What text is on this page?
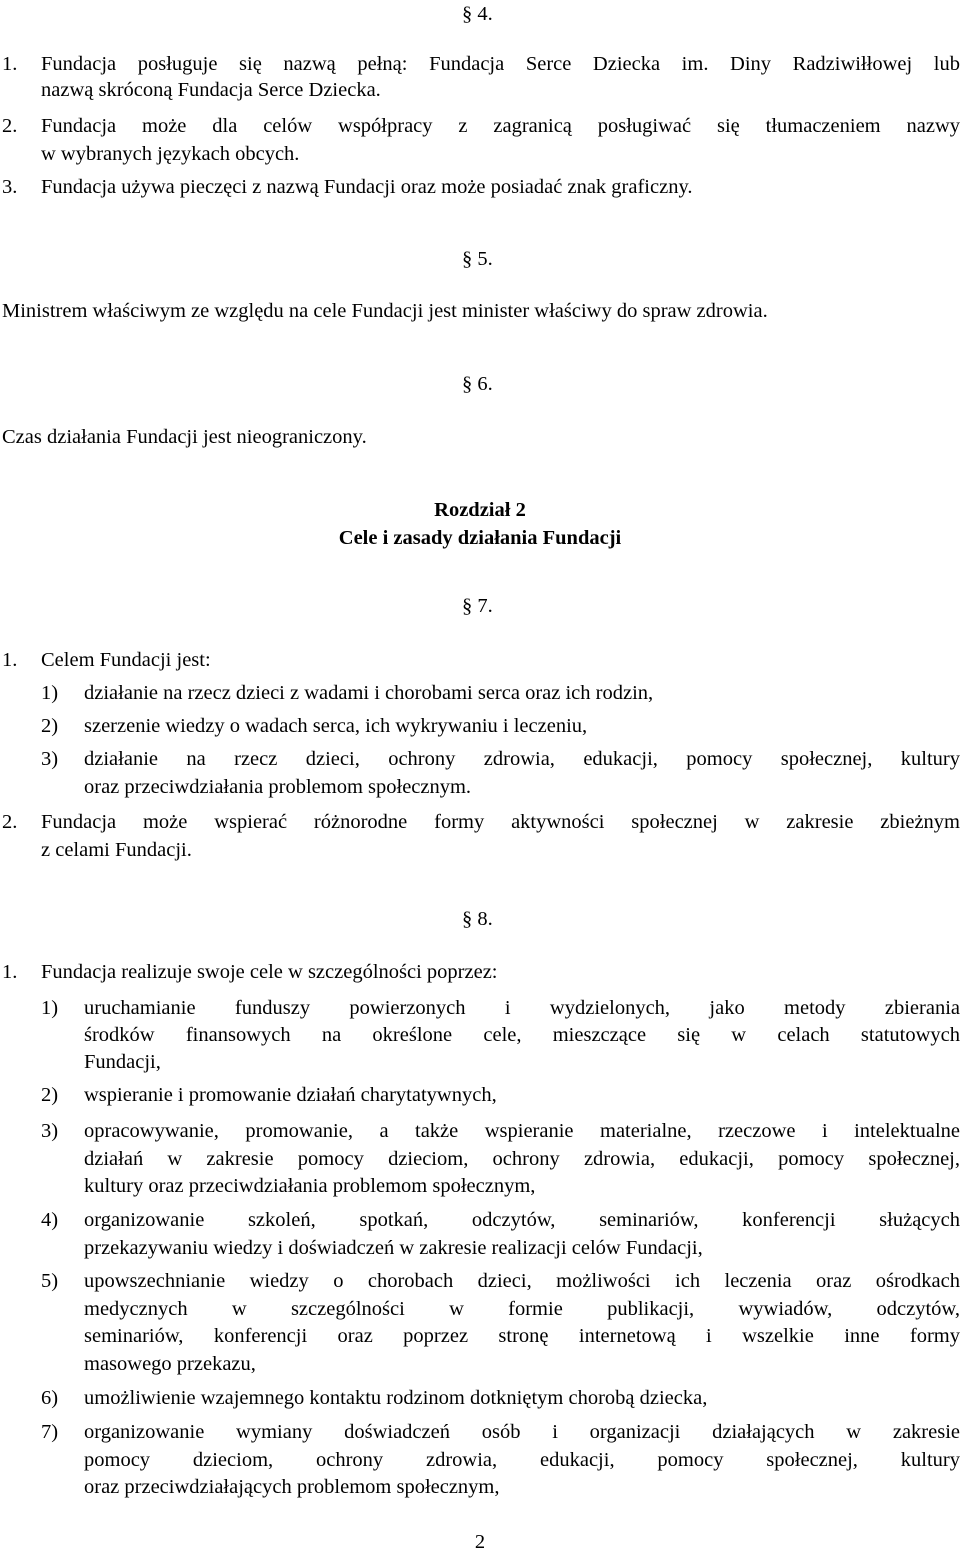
§ 4.
1. Fundacja posługuje się nazwą pełną: Fundacja Serce Dziecka im. Diny Radziwiłłowej lub
nazwą skróconą Fundacja Serce Dziecka.
2. Fundacja może dla celów współpracy z zagranicą posługiwać się tłumaczeniem nazwy
w wybranych językach obcych.
3. Fundacja używa pieczęci z nazwą Fundacji oraz może posiadać znak graficzny.
§ 5.
Ministrem właściwym ze względu na cele Fundacji jest minister właściwy do spraw zdrowia.
§ 6.
Czas działania Fundacji jest nieograniczony.
Rozdział 2
Cele i zasady działania Fundacji
§ 7.
1. Celem Fundacji jest:
1) działanie na rzecz dzieci z wadami i chorobami serca oraz ich rodzin,
2) szerzenie wiedzy o wadach serca, ich wykrywaniu i leczeniu,
3) działanie na rzecz dzieci, ochrony zdrowia, edukacji, pomocy społecznej, kultury
oraz przeciwdziałania problemom społecznym.
2. Fundacja może wspierać różnorodne formy aktywności społecznej w zakresie zbieżnym
z celami Fundacji.
§ 8.
1. Fundacja realizuje swoje cele w szczególności poprzez:
1) uruchamianie funduszy powierzonych i wydzielonych, jako metody zbierania
środków finansowych na określone cele, mieszczące się w celach statutowych
Fundacji,
2) wspieranie i promowanie działań charytatywnych,
3) opracowywanie, promowanie, a także wspieranie materialne, rzeczowe i intelektualne
działań w zakresie pomocy dzieciom, ochrony zdrowia, edukacji, pomocy społecznej,
kultury oraz przeciwdziałania problemom społecznym,
4) organizowanie szkoleń, spotkań, odczytów, seminariów, konferencji służących
przekazywaniu wiedzy i doświadczeń w zakresie realizacji celów Fundacji,
5) upowszechnianie wiedzy o chorobach dzieci, możliwości ich leczenia oraz ośrodkach
medycznych w szczególności w formie publikacji, wywiadów, odczytów,
seminariów, konferencji oraz poprzez stronę internetową i wszelkie inne formy
masowego przekazu,
6) umożliwienie wzajemnego kontaktu rodzinom dotkniętym chorobą dziecka,
7) organizowanie wymiany doświadczeń osób i organizacji działających w zakresie
pomocy dzieciom, ochrony zdrowia, edukacji, pomocy społecznej, kultury
oraz przeciwdziałających problemom społecznym,
2
